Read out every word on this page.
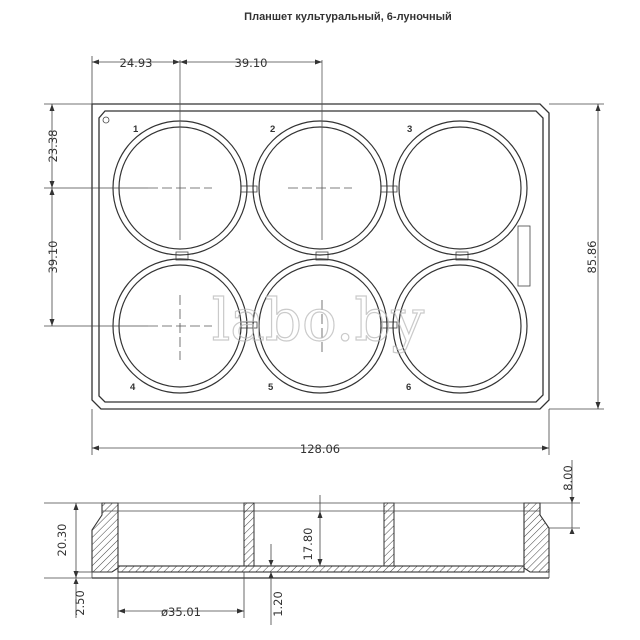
Планшет культуральный, 6-луночный
1	2	3
4	5	6
24.93	39.10
23.38
39.10
128.06
85.86
20.30
2.50	ø35.01	1.20
17.80
8.00
labo.by
